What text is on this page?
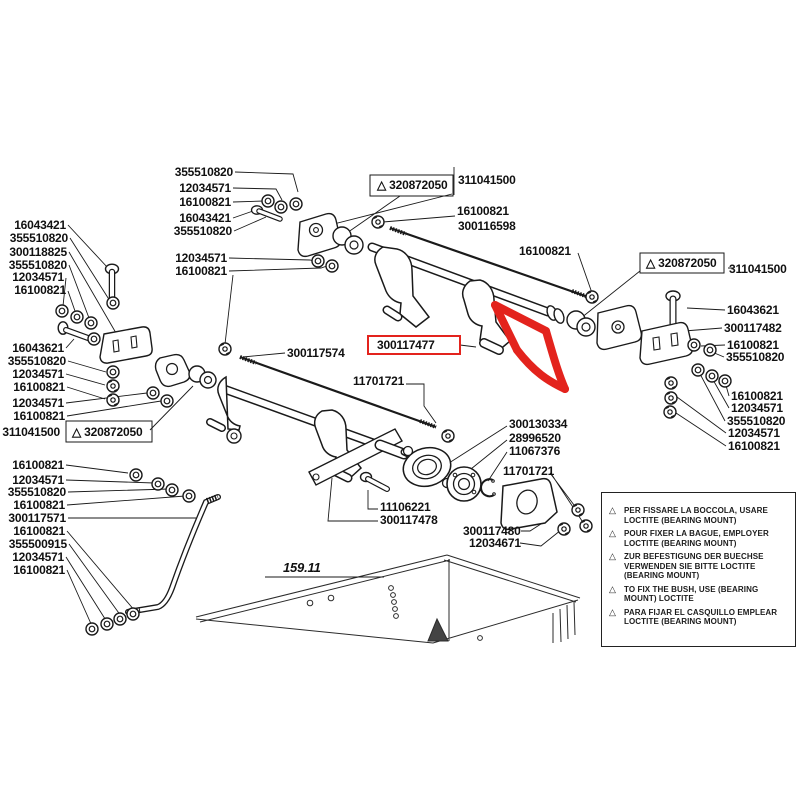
16043421
355510820
300118825
355510820
12034571
16100821
16043621
355510820
12034571
16100821
12034571
16100821
311041500 △ 320872050
16100821
12034571
355510820
16100821
300117571
16100821
355500915
12034571
16100821
355510820
12034571
16100821
16043421
355510820
12034571
16100821
△ 320872050 311041500
16100821
300116598
16100821
△ 320872050 311041500
16043621
300117482
16100821
355510820
16100821
12034571
355510820
12034571
16100821
300117574
300117477
11701721
300130334
28996520
11067376
11701721
11106221
300117478
300117480
12034671
159.11
△	PER FISSARE LA BOCCOLA, USARE LOCTITE (BEARING MOUNT)
△	POUR FIXER LA BAGUE, EMPLOYER LOCTITE (BEARING MOUNT)
△	ZUR BEFESTIGUNG DER BUECHSE VERWENDEN SIE BITTE LOCTITE (BEARING MOUNT)
△	TO FIX THE BUSH, USE (BEARING MOUNT) LOCTITE
△	PARA FIJAR EL CASQUILLO EMPLEAR LOCTITE (BEARING MOUNT)
